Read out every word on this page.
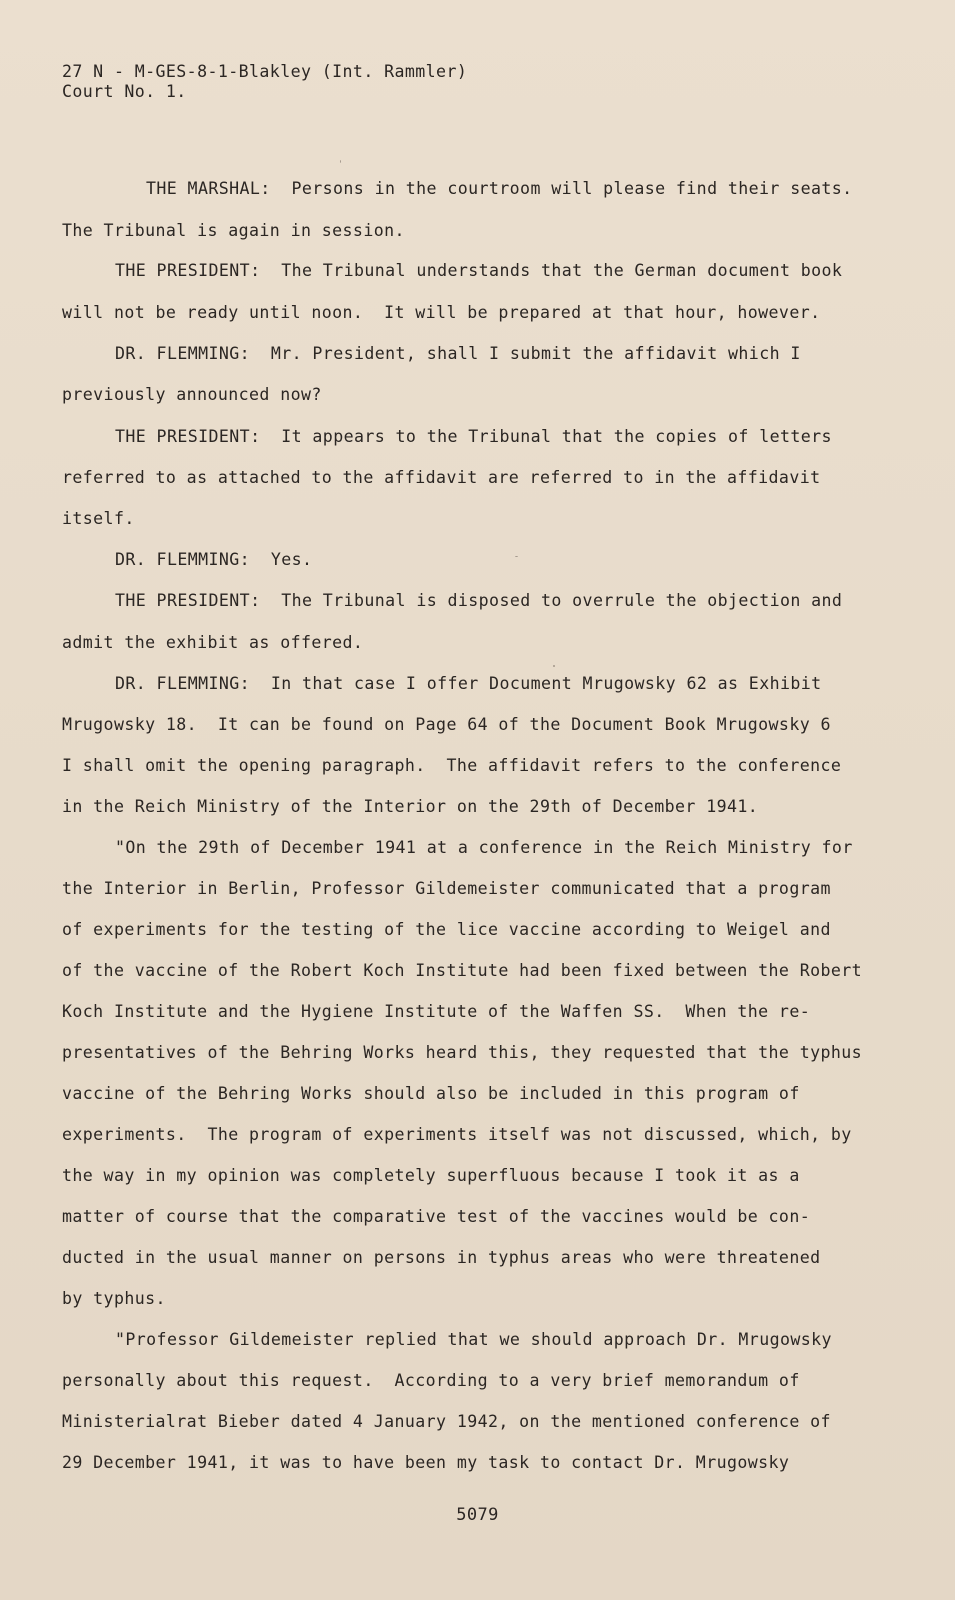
27 N - M-GES-8-1-Blakley (Int. Rammler)
Court No. 1.
THE MARSHAL:  Persons in the courtroom will please find their seats.
The Tribunal is again in session.
THE PRESIDENT:  The Tribunal understands that the German document book
will not be ready until noon.  It will be prepared at that hour, however.
DR. FLEMMING:  Mr. President, shall I submit the affidavit which I
previously announced now?
THE PRESIDENT:  It appears to the Tribunal that the copies of letters
referred to as attached to the affidavit are referred to in the affidavit
itself.
DR. FLEMMING:  Yes.
THE PRESIDENT:  The Tribunal is disposed to overrule the objection and
admit the exhibit as offered.
DR. FLEMMING:  In that case I offer Document Mrugowsky 62 as Exhibit
Mrugowsky 18.  It can be found on Page 64 of the Document Book Mrugowsky 6
I shall omit the opening paragraph.  The affidavit refers to the conference
in the Reich Ministry of the Interior on the 29th of December 1941.
"On the 29th of December 1941 at a conference in the Reich Ministry for
the Interior in Berlin, Professor Gildemeister communicated that a program
of experiments for the testing of the lice vaccine according to Weigel and
of the vaccine of the Robert Koch Institute had been fixed between the Robert
Koch Institute and the Hygiene Institute of the Waffen SS.  When the re-
presentatives of the Behring Works heard this, they requested that the typhus
vaccine of the Behring Works should also be included in this program of
experiments.  The program of experiments itself was not discussed, which, by
the way in my opinion was completely superfluous because I took it as a
matter of course that the comparative test of the vaccines would be con-
ducted in the usual manner on persons in typhus areas who were threatened
by typhus.
"Professor Gildemeister replied that we should approach Dr. Mrugowsky
personally about this request.  According to a very brief memorandum of
Ministerialrat Bieber dated 4 January 1942, on the mentioned conference of
29 December 1941, it was to have been my task to contact Dr. Mrugowsky
5079
